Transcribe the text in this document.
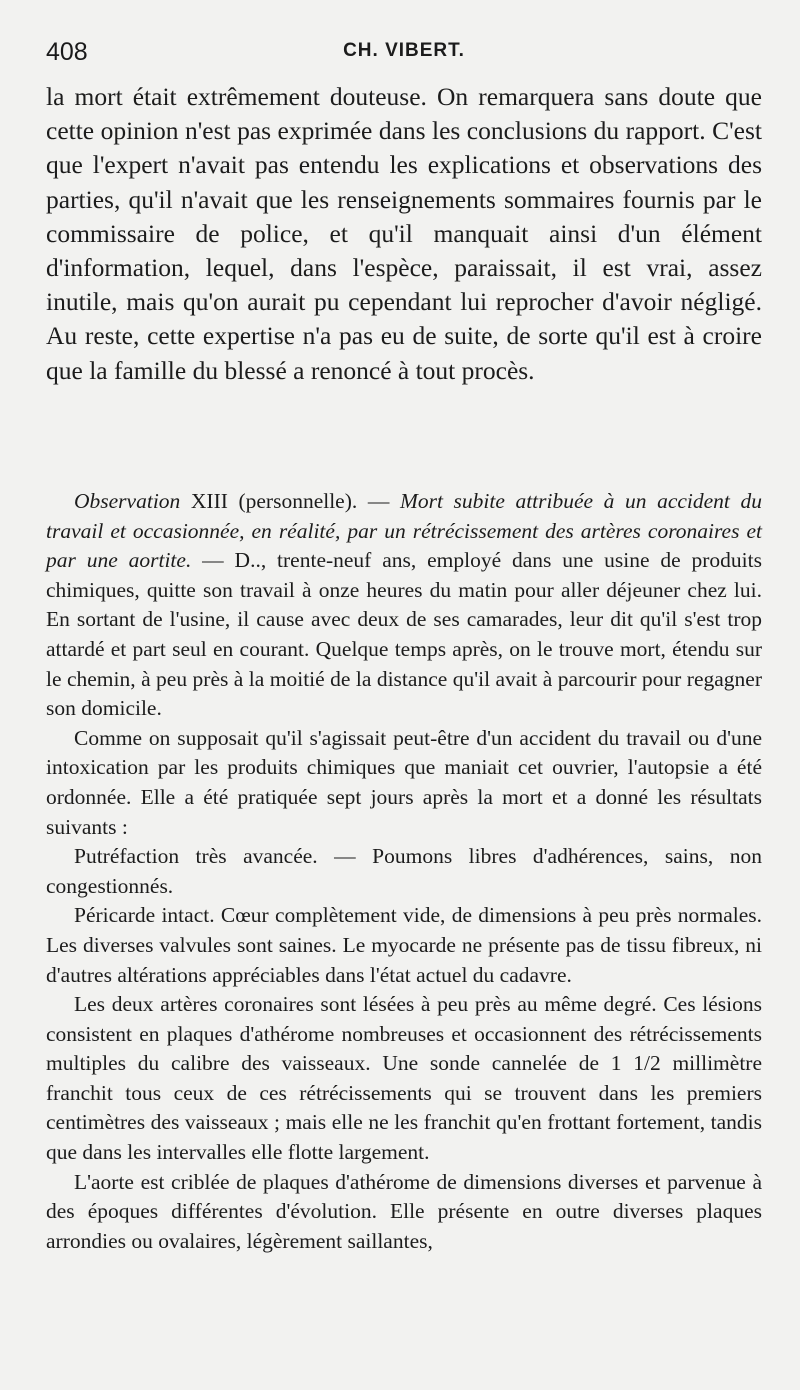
408	CH. VIBERT.

la mort était extrêmement douteuse. On remarquera sans doute que cette opinion n'est pas exprimée dans les conclusions du rapport. C'est que l'expert n'avait pas entendu les explications et observations des parties, qu'il n'avait que les renseignements sommaires fournis par le commissaire de police, et qu'il manquait ainsi d'un élément d'information, lequel, dans l'espèce, paraissait, il est vrai, assez inutile, mais qu'on aurait pu cependant lui reprocher d'avoir négligé. Au reste, cette expertise n'a pas eu de suite, de sorte qu'il est à croire que la famille du blessé a renoncé à tout procès.

Observation XIII (personnelle). — Mort subite attribuée à un accident du travail et occasionnée, en réalité, par un rétrécissement des artères coronaires et par une aortite. — D.., trente-neuf ans, employé dans une usine de produits chimiques, quitte son travail à onze heures du matin pour aller déjeuner chez lui. En sortant de l'usine, il cause avec deux de ses camarades, leur dit qu'il s'est trop attardé et part seul en courant. Quelque temps après, on le trouve mort, étendu sur le chemin, à peu près à la moitié de la distance qu'il avait à parcourir pour regagner son domicile.

Comme on supposait qu'il s'agissait peut-être d'un accident du travail ou d'une intoxication par les produits chimiques que maniait cet ouvrier, l'autopsie a été ordonnée. Elle a été pratiquée sept jours après la mort et a donné les résultats suivants :

Putréfaction très avancée. — Poumons libres d'adhérences, sains, non congestionnés.

Péricarde intact. Cœur complètement vide, de dimensions à peu près normales. Les diverses valvules sont saines. Le myocarde ne présente pas de tissu fibreux, ni d'autres altérations appréciables dans l'état actuel du cadavre.

Les deux artères coronaires sont lésées à peu près au même degré. Ces lésions consistent en plaques d'athérome nombreuses et occasionnent des rétrécissements multiples du calibre des vaisseaux. Une sonde cannelée de 1 1/2 millimètre franchit tous ceux de ces rétrécissements qui se trouvent dans les premiers centimètres des vaisseaux ; mais elle ne les franchit qu'en frottant fortement, tandis que dans les intervalles elle flotte largement.

L'aorte est criblée de plaques d'athérome de dimensions diverses et parvenue à des époques différentes d'évolution. Elle présente en outre diverses plaques arrondies ou ovalaires, légèrement saillantes,
